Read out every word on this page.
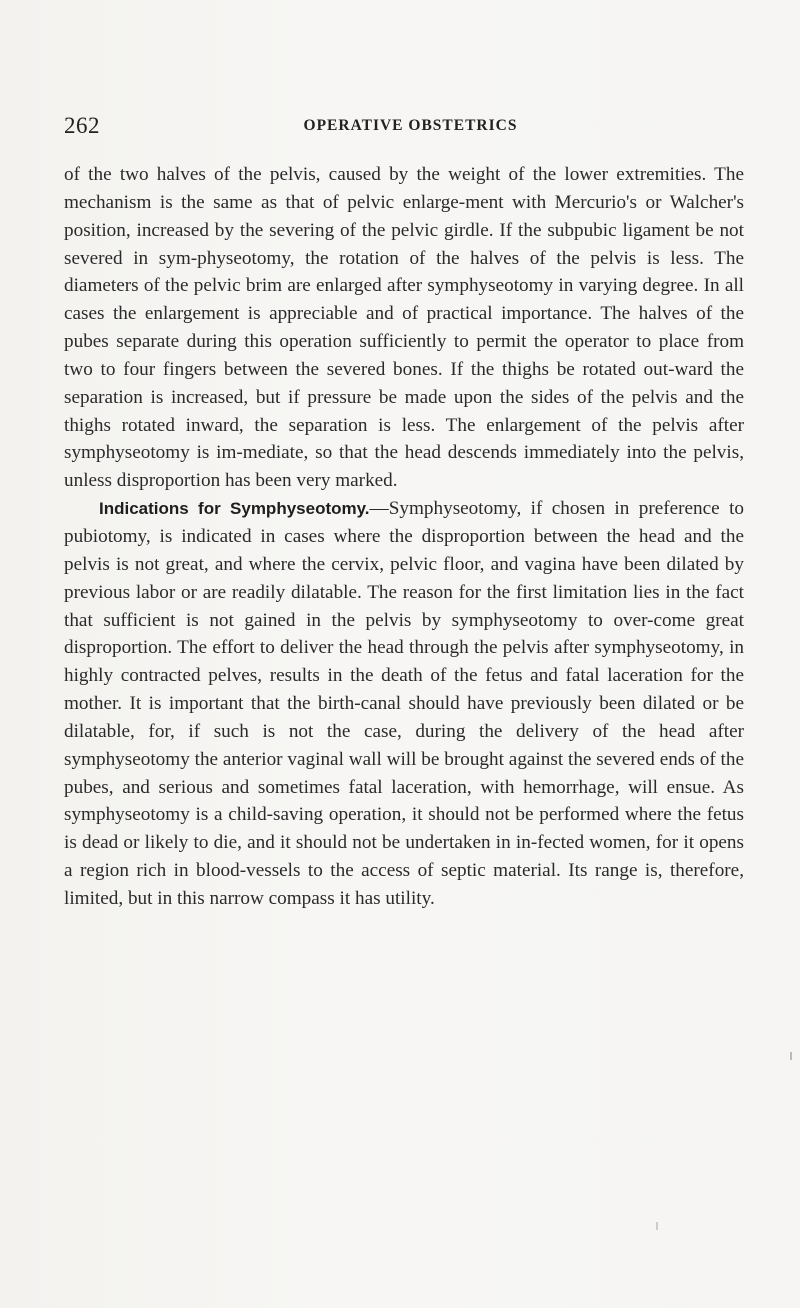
262	OPERATIVE OBSTETRICS

of the two halves of the pelvis, caused by the weight of the lower extremities. The mechanism is the same as that of pelvic enlarge-ment with Mercurio's or Walcher's position, increased by the severing of the pelvic girdle. If the subpubic ligament be not severed in sym-physeotomy, the rotation of the halves of the pelvis is less. The diameters of the pelvic brim are enlarged after symphyseotomy in varying degree. In all cases the enlargement is appreciable and of practical importance. The halves of the pubes separate during this operation sufficiently to permit the operator to place from two to four fingers between the severed bones. If the thighs be rotated out-ward the separation is increased, but if pressure be made upon the sides of the pelvis and the thighs rotated inward, the separation is less. The enlargement of the pelvis after symphyseotomy is im-mediate, so that the head descends immediately into the pelvis, unless disproportion has been very marked.

Indications for Symphyseotomy.—Symphyseotomy, if chosen in preference to pubiotomy, is indicated in cases where the disproportion between the head and the pelvis is not great, and where the cervix, pelvic floor, and vagina have been dilated by previous labor or are readily dilatable. The reason for the first limitation lies in the fact that sufficient is not gained in the pelvis by symphyseotomy to over-come great disproportion. The effort to deliver the head through the pelvis after symphyseotomy, in highly contracted pelves, results in the death of the fetus and fatal laceration for the mother. It is important that the birth-canal should have previously been dilated or be dilatable, for, if such is not the case, during the delivery of the head after symphyseotomy the anterior vaginal wall will be brought against the severed ends of the pubes, and serious and sometimes fatal laceration, with hemorrhage, will ensue. As symphyseotomy is a child-saving operation, it should not be performed where the fetus is dead or likely to die, and it should not be undertaken in in-fected women, for it opens a region rich in blood-vessels to the access of septic material. Its range is, therefore, limited, but in this narrow compass it has utility.
